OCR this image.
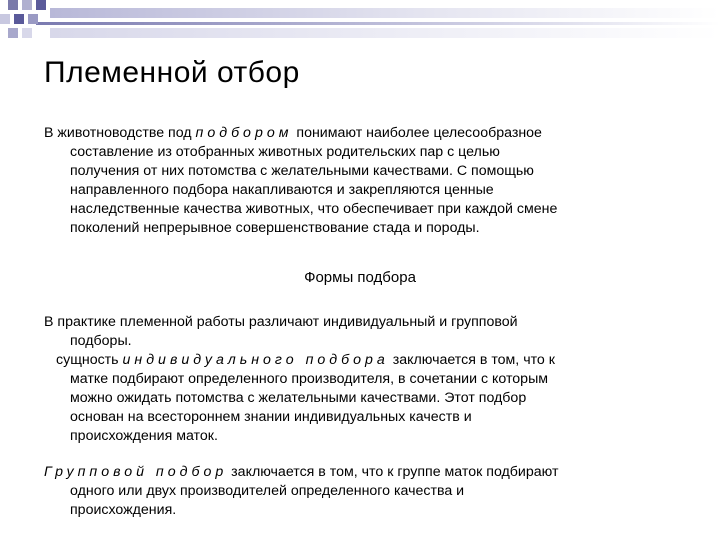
Племенной отбор

В животноводстве под подбором понимают наиболее целесообразное
составление из отобранных животных родительских пар с целью
получения от них потомства с желательными качествами. С помощью
направленного подбора накапливаются и закрепляются ценные
наследственные качества животных, что обеспечивает при каждой смене
поколений непрерывное совершенствование стада и породы.

Формы подбора

В практике племенной работы различают индивидуальный и групповой
подборы.

сущность индивидуального подбора заключается в том, что к
матке подбирают определенного производителя, в сочетании с которым
можно ожидать потомства с желательными качествами. Этот подбор
основан на всестороннем знании индивидуальных качеств и
происхождения маток.

Групповой подбор заключается в том, что к группе маток подбирают
одного или двух производителей определенного качества и
происхождения.
